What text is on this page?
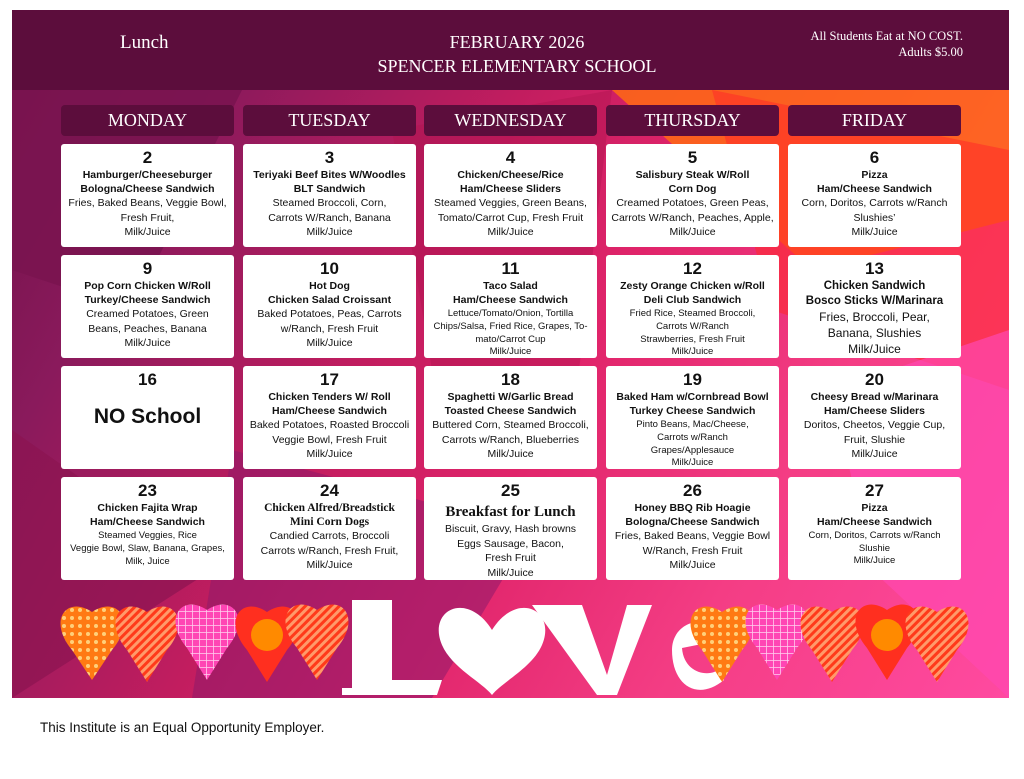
Lunch	FEBRUARY 2026
SPENCER ELEMENTARY SCHOOL
All Students Eat at NO COST.
Adults $5.00
MONDAY	TUESDAY	WEDNESDAY	THURSDAY	FRIDAY
2
Hamburger/Cheeseburger
Bologna/Cheese Sandwich
Fries, Baked Beans, Veggie Bowl,
Fresh Fruit,
Milk/Juice
3
Teriyaki Beef Bites W/Woodles
BLT Sandwich
Steamed Broccoli, Corn,
Carrots W/Ranch, Banana
Milk/Juice
4
Chicken/Cheese/Rice
Ham/Cheese Sliders
Steamed Veggies, Green Beans,
Tomato/Carrot Cup, Fresh Fruit
Milk/Juice
5
Salisbury Steak W/Roll
Corn Dog
Creamed Potatoes, Green Peas,
Carrots W/Ranch, Peaches, Apple,
Milk/Juice
6
Pizza
Ham/Cheese Sandwich
Corn, Doritos, Carrots w/Ranch
Slushies’
Milk/Juice
9
Pop Corn Chicken W/Roll
Turkey/Cheese Sandwich
Creamed Potatoes, Green
Beans, Peaches, Banana
Milk/Juice
10
Hot Dog
Chicken Salad Croissant
Baked Potatoes, Peas, Carrots
w/Ranch, Fresh Fruit
Milk/Juice
11
Taco Salad
Ham/Cheese Sandwich
Lettuce/Tomato/Onion, Tortilla
Chips/Salsa, Fried Rice, Grapes, To-
mato/Carrot Cup
Milk/Juice
12
Zesty Orange Chicken w/Roll
Deli Club Sandwich
Fried Rice, Steamed Broccoli,
Carrots W/Ranch
Strawberries, Fresh Fruit
Milk/Juice
13
Chicken Sandwich
Bosco Sticks W/Marinara
Fries, Broccoli, Pear,
Banana, Slushies
Milk/Juice
16
NO School
17
Chicken Tenders W/ Roll
Ham/Cheese Sandwich
Baked Potatoes, Roasted Broccoli
Veggie Bowl, Fresh Fruit
Milk/Juice
18
Spaghetti W/Garlic Bread
Toasted Cheese Sandwich
Buttered Corn, Steamed Broccoli,
Carrots w/Ranch, Blueberries
Milk/Juice
19
Baked Ham w/Cornbread Bowl
Turkey Cheese Sandwich
Pinto Beans, Mac/Cheese,
Carrots w/Ranch
Grapes/Applesauce
Milk/Juice
20
Cheesy Bread w/Marinara
Ham/Cheese Sliders
Doritos, Cheetos, Veggie Cup,
Fruit, Slushie
Milk/Juice
23
Chicken Fajita Wrap
Ham/Cheese Sandwich
Steamed Veggies, Rice
Veggie Bowl, Slaw, Banana, Grapes,
Milk, Juice
24
Chicken Alfred/Breadstick
Mini Corn Dogs
Candied Carrots, Broccoli
Carrots w/Ranch, Fresh Fruit,
Milk/Juice
25
Breakfast for Lunch
Biscuit, Gravy, Hash browns
Eggs Sausage, Bacon,
Fresh Fruit
Milk/Juice
26
Honey BBQ Rib Hoagie
Bologna/Cheese Sandwich
Fries, Baked Beans, Veggie Bowl
W/Ranch, Fresh Fruit
Milk/Juice
27
Pizza
Ham/Cheese Sandwich
Corn, Doritos, Carrots w/Ranch
Slushie
Milk/Juice
This Institute is an Equal Opportunity Employer.
